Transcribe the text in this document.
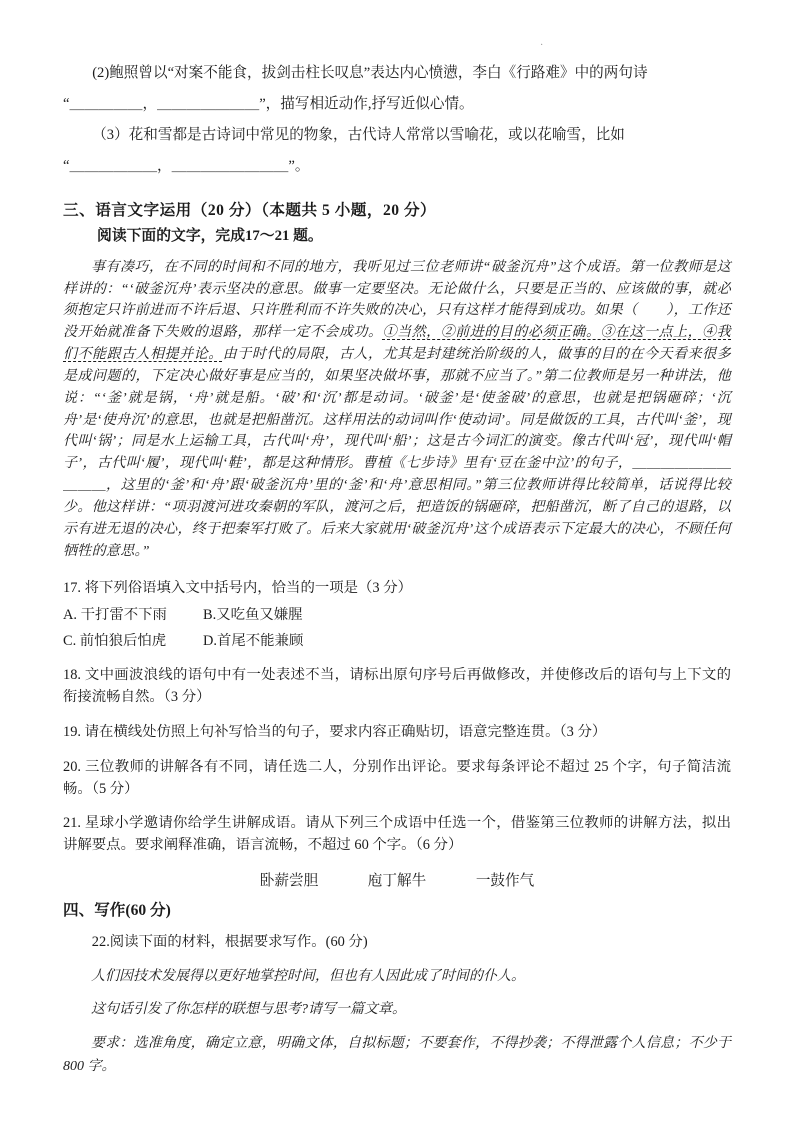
·

(2)鲍照曾以“对案不能食，拔剑击柱长叹息”表达内心愤懑，李白《行路难》中的两句诗

“＿＿＿＿＿，＿＿＿＿＿＿＿”，描写相近动作,抒写近似心情。

（3）花和雪都是古诗词中常见的物象，古代诗人常常以雪喻花，或以花喻雪，比如

“＿＿＿＿＿＿，＿＿＿＿＿＿＿＿”。

三、语言文字运用（20 分）（本题共 5 小题，20 分）

阅读下面的文字，完成17～21 题。

事有凑巧，在不同的时间和不同的地方，我听见过三位老师讲“破釜沉舟”这个成语。第一位教师是这样讲的：“‘破釜沉舟’表示坚决的意思。做事一定要坚决。无论做什么，只要是正当的、应该做的事，就必须抱定只许前进而不许后退、只许胜利而不许失败的决心，只有这样才能得到成功。如果（　　），工作还没开始就准备下失败的退路，那样一定不会成功。①当然，②前进的目的必须正确。③在这一点上，④我们不能跟古人相提并论。由于时代的局限，古人，尤其是封建统治阶级的人，做事的目的在今天看来很多是成问题的，下定决心做好事是应当的，如果坚决做坏事，那就不应当了。”第二位教师是另一种讲法，他说：“‘釜’就是锅，‘舟’就是船。‘破’和‘沉’都是动词。‘破釜’是‘使釜破’的意思，也就是把锅砸碎；‘沉舟’是‘使舟沉’的意思，也就是把船凿沉。这样用法的动词叫作‘使动词’。同是做饭的工具，古代叫‘釜’，现代叫‘锅’；同是水上运输工具，古代叫‘舟’，现代叫‘船’；这是古今词汇的演变。像古代叫‘冠’，现代叫‘帽子’，古代叫‘履’，现代叫‘鞋’，都是这种情形。曹植《七步诗》里有‘豆在釜中泣’的句子，＿＿＿＿＿＿＿＿＿＿，这里的‘釜’和‘舟’跟‘破釜沉舟’里的‘釜’和‘舟’意思相同。”第三位教师讲得比较简单，话说得比较少。他这样讲：“项羽渡河进攻秦朝的军队，渡河之后，把造饭的锅砸碎，把船凿沉，断了自己的退路，以示有进无退的决心，终于把秦军打败了。后来大家就用‘破釜沉舟’这个成语表示下定最大的决心，不顾任何牺牲的意思。”

17. 将下列俗语填入文中括号内，恰当的一项是（3 分）

A. 干打雷不下雨	B.又吃鱼又嫌腥

C. 前怕狼后怕虎	D.首尾不能兼顾

18. 文中画波浪线的语句中有一处表述不当，请标出原句序号后再做修改，并使修改后的语句与上下文的衔接流畅自然。（3 分）

19. 请在横线处仿照上句补写恰当的句子，要求内容正确贴切，语意完整连贯。（3 分）

20. 三位教师的讲解各有不同，请任选二人，分别作出评论。要求每条评论不超过 25 个字，句子简洁流畅。（5 分）

21. 星球小学邀请你给学生讲解成语。请从下列三个成语中任选一个，借鉴第三位教师的讲解方法，拟出讲解要点。要求阐释准确，语言流畅，不超过 60 个字。（6 分）

卧薪尝胆	庖丁解牛	一鼓作气

四、写作(60 分)

22.阅读下面的材料，根据要求写作。(60 分)

人们因技术发展得以更好地掌控时间，但也有人因此成了时间的仆人。

这句话引发了你怎样的联想与思考?请写一篇文章。

要求：选准角度，确定立意，明确文体，自拟标题；不要套作，不得抄袭；不得泄露个人信息；不少于 800 字。
